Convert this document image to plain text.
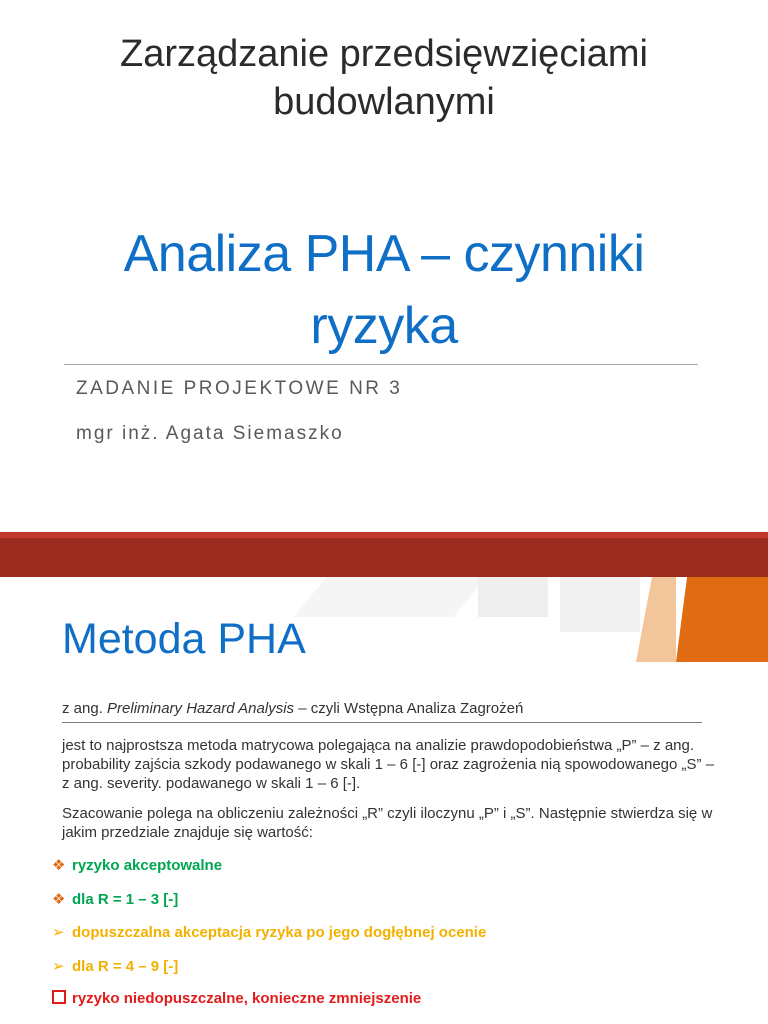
Zarządzanie przedsięwzięciami
budowlanymi
Analiza PHA – czynniki
ryzyka
ZADANIE PROJEKTOWE NR 3
mgr inż. Agata Siemaszko
Metoda PHA
z ang. Preliminary Hazard Analysis – czyli Wstępna Analiza Zagrożeń
jest to najprostsza metoda matrycowa polegająca na analizie prawdopodobieństwa „P” – z ang. probability zajścia szkody podawanego w skali 1 – 6 [-] oraz zagrożenia nią spowodowanego „S” – z ang. severity. podawanego w skali 1 – 6 [-].
Szacowanie polega na obliczeniu zależności „R” czyli iloczynu „P” i „S”. Następnie stwierdza się w jakim przedziale znajduje się wartość:
❖ ryzyko akceptowalne
❖ dla R = 1 – 3 [-]
➢ dopuszczalna akceptacja ryzyka po jego dogłębnej ocenie
➢ dla R = 4 – 9 [-]
ryzyko niedopuszczalne, konieczne zmniejszenie
